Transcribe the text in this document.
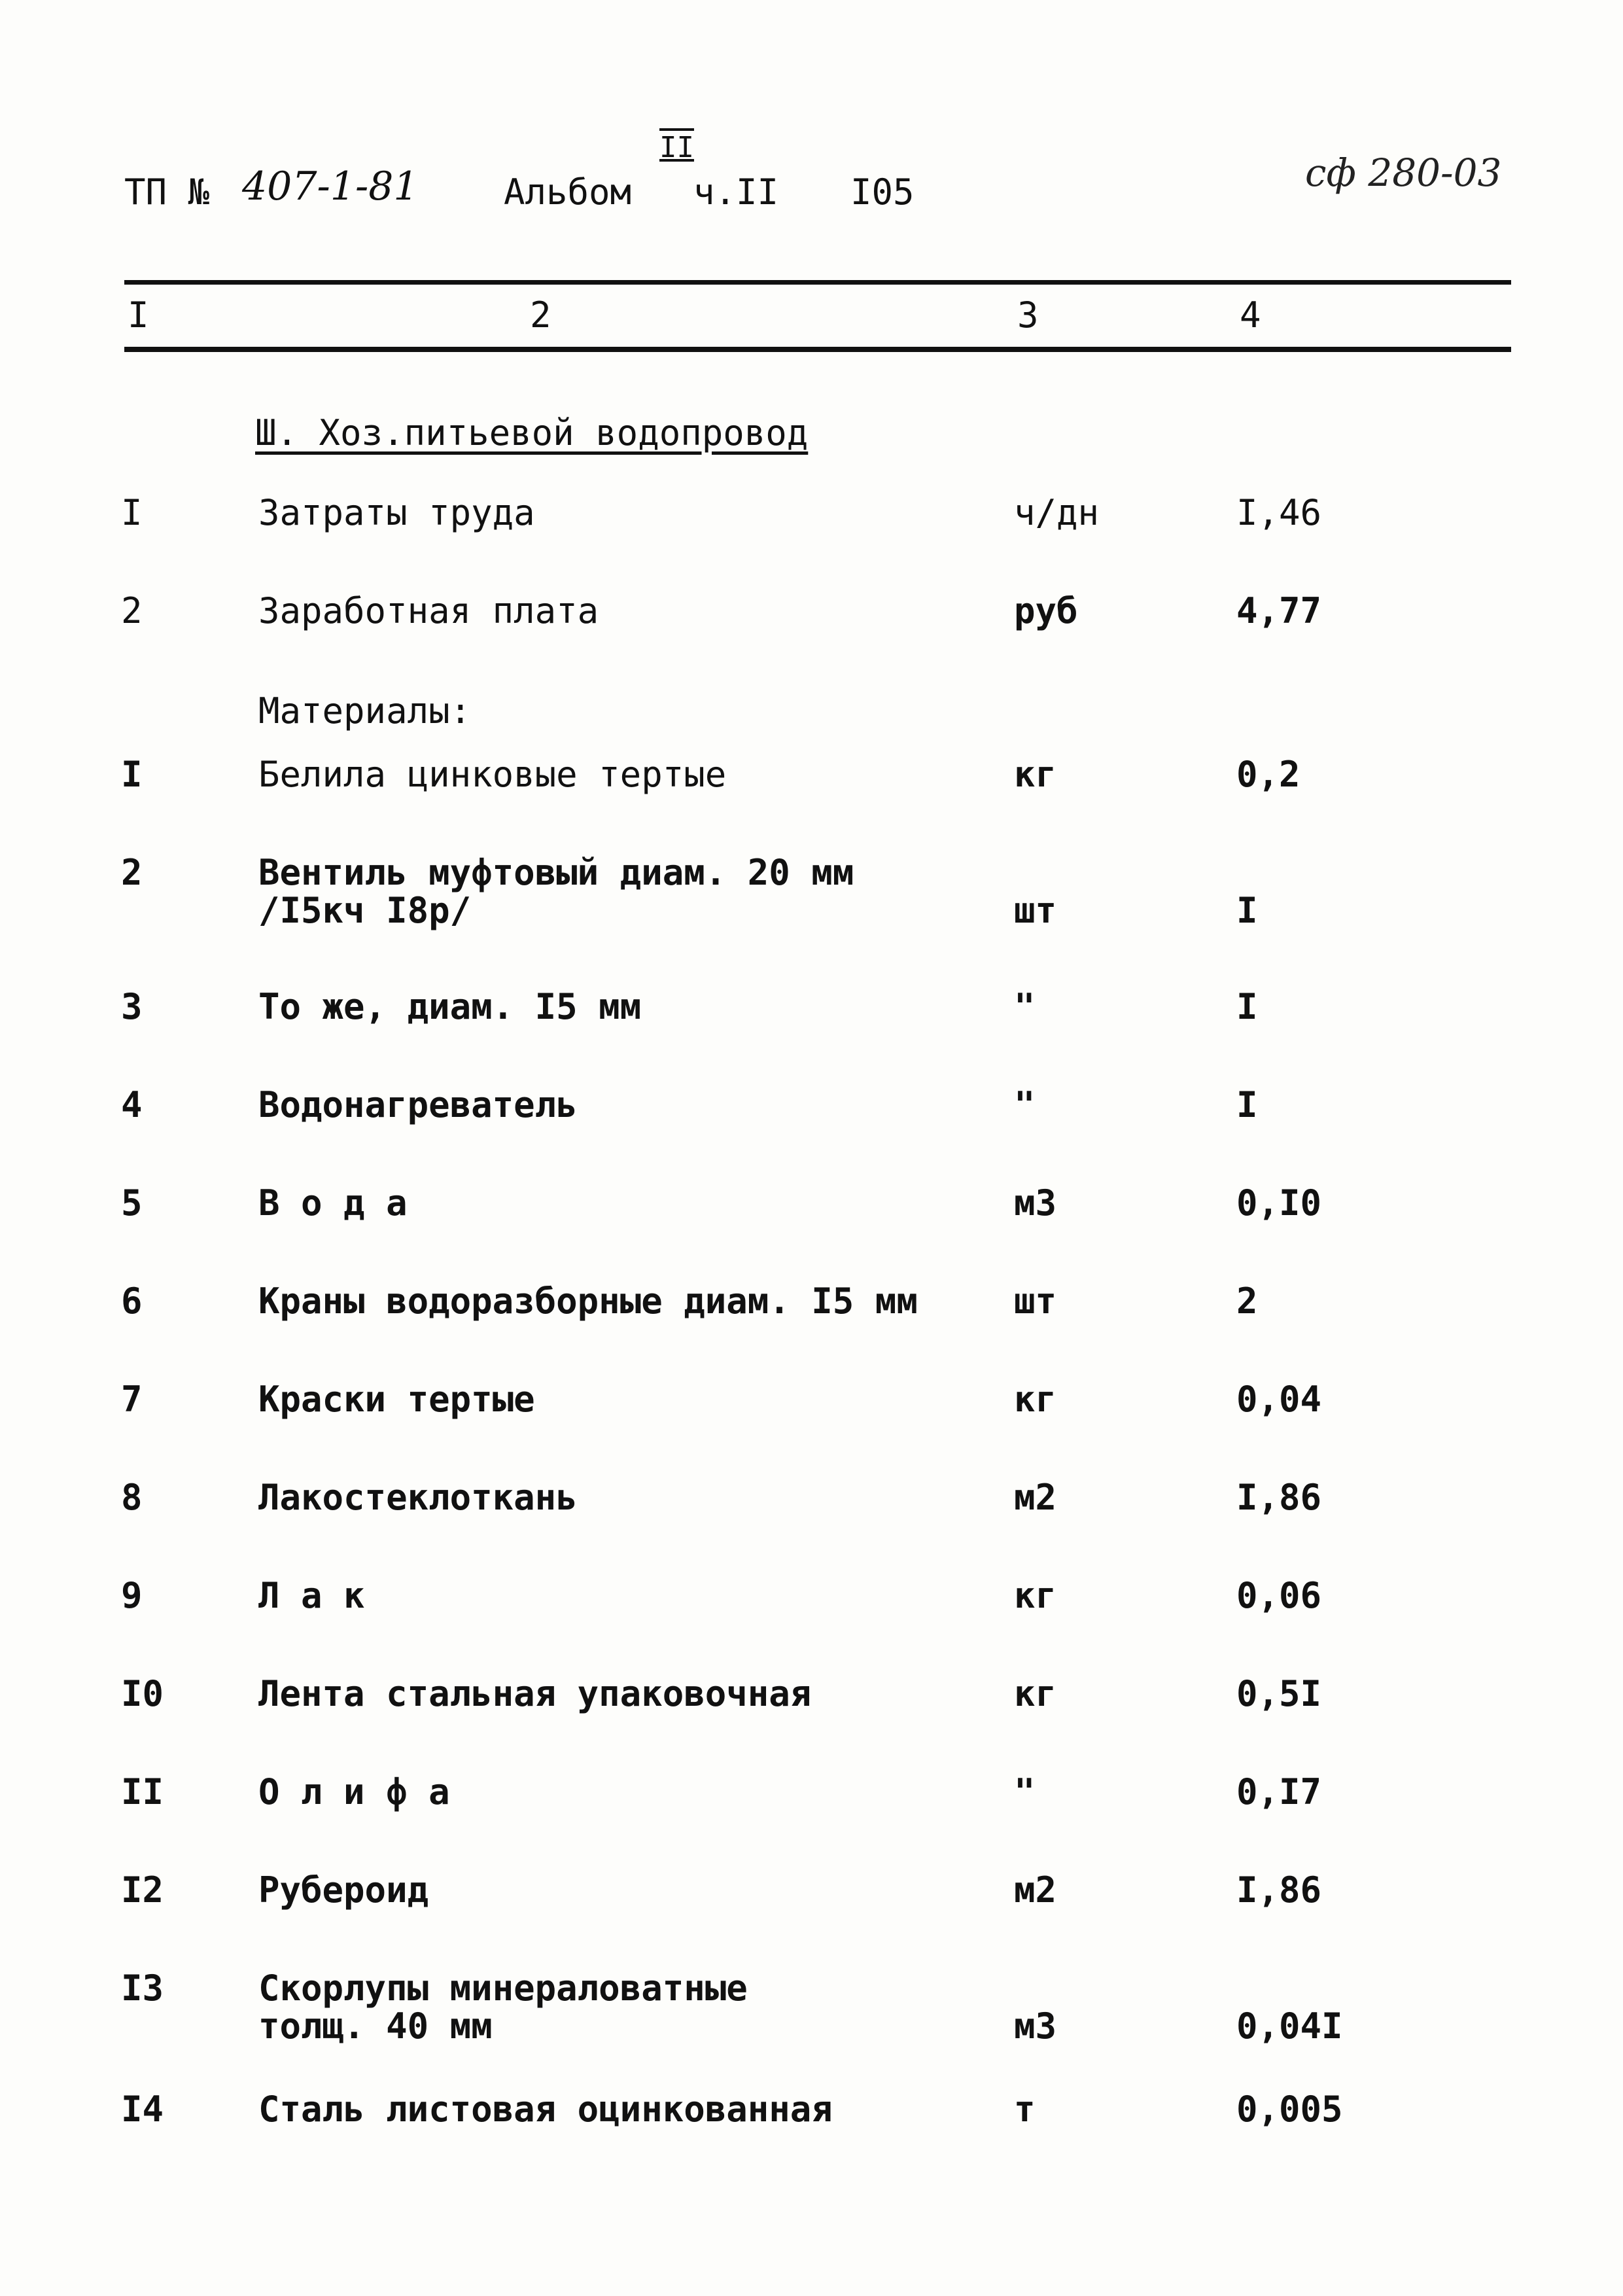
ТП № 407-1-81 Альбом
II
ч.II I05	сф 280-03
I	2	3	4
Ш. Хоз.питьевой водопровод
I	Затраты труда	ч/дн	I,46
2	Заработная плата	руб	4,77
Материалы:
I	Белила цинковые тертые	кг	0,2
2	Вентиль муфтовый диам. 20 мм
/I5кч I8р/	шт	I
3	То же, диам. I5 мм	"	I
4	Водонагреватель	"	I
5	В о д а	м3	0,I0
6	Краны водоразборные диам. I5 мм	шт	2
7	Краски тертые	кг	0,04
8	Лакостеклоткань	м2	I,86
9	Л а к	кг	0,06
I0	Лента стальная упаковочная	кг	0,5I
II	О л и ф а	"	0,I7
I2	Рубероид	м2	I,86
I3	Скорлупы минераловатные
толщ. 40 мм	м3	0,04I
I4	Сталь листовая оцинкованная	т	0,005
